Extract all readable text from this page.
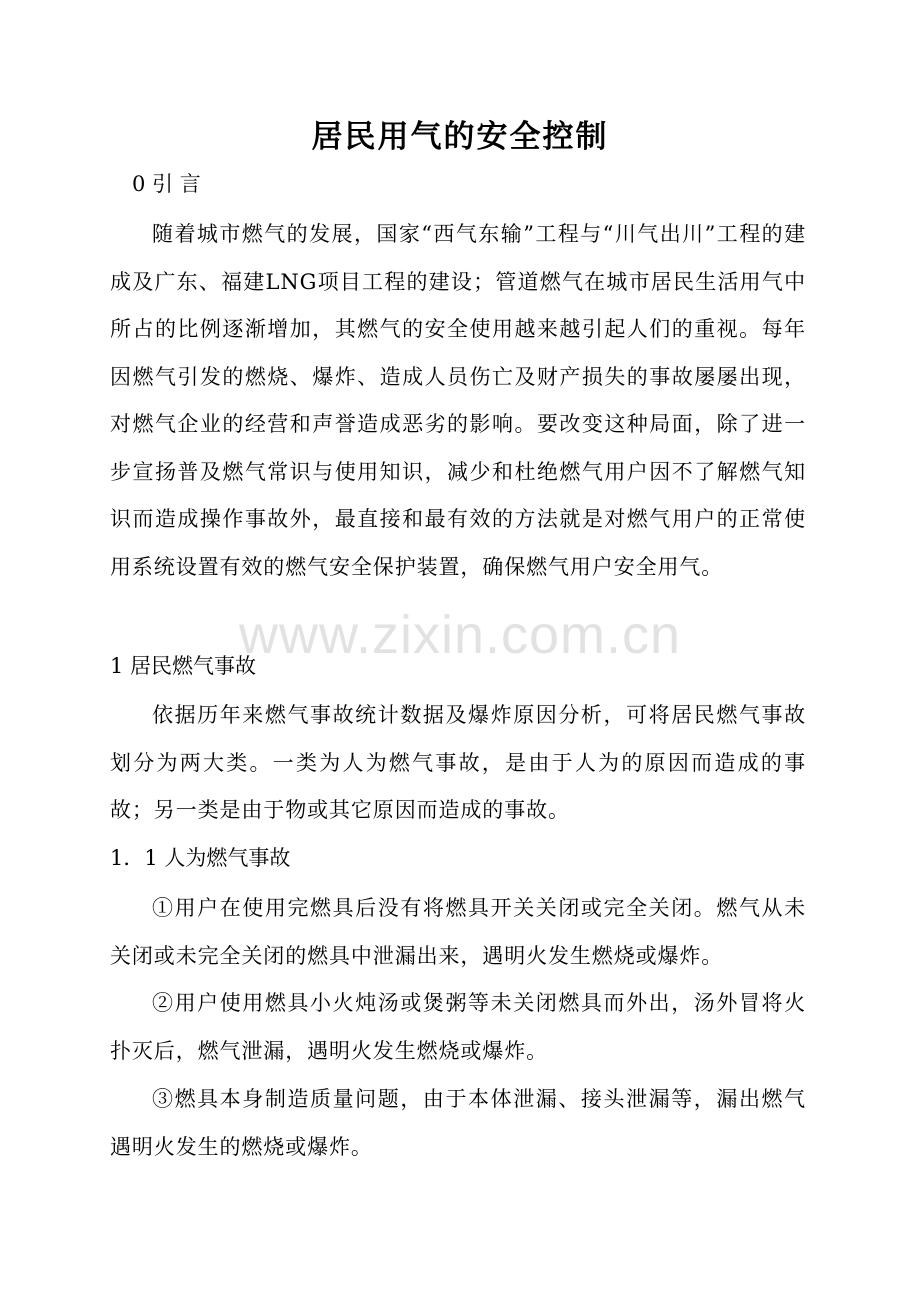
居民用气的安全控制
0 引 言

随着城市燃气的发展，国家“西气东输”工程与“川气出川”工程的建成及广东、福建LNG项目工程的建设；管道燃气在城市居民生活用气中所占的比例逐渐增加，其燃气的安全使用越来越引起人们的重视。每年因燃气引发的燃烧、爆炸、造成人员伤亡及财产损失的事故屡屡出现，对燃气企业的经营和声誉造成恶劣的影响。要改变这种局面，除了进一步宣扬普及燃气常识与使用知识，减少和杜绝燃气用户因不了解燃气知识而造成操作事故外，最直接和最有效的方法就是对燃气用户的正常使用系统设置有效的燃气安全保护装置，确保燃气用户安全用气。

1 居民燃气事故

依据历年来燃气事故统计数据及爆炸原因分析，可将居民燃气事故划分为两大类。一类为人为燃气事故，是由于人为的原因而造成的事故；另一类是由于物或其它原因而造成的事故。

1．1 人为燃气事故

①用户在使用完燃具后没有将燃具开关关闭或完全关闭。燃气从未关闭或未完全关闭的燃具中泄漏出来，遇明火发生燃烧或爆炸。

②用户使用燃具小火炖汤或煲粥等未关闭燃具而外出，汤外冒将火扑灭后，燃气泄漏，遇明火发生燃烧或爆炸。

③燃具本身制造质量问题，由于本体泄漏、接头泄漏等，漏出燃气遇明火发生的燃烧或爆炸。

www.zixin.com.cn
